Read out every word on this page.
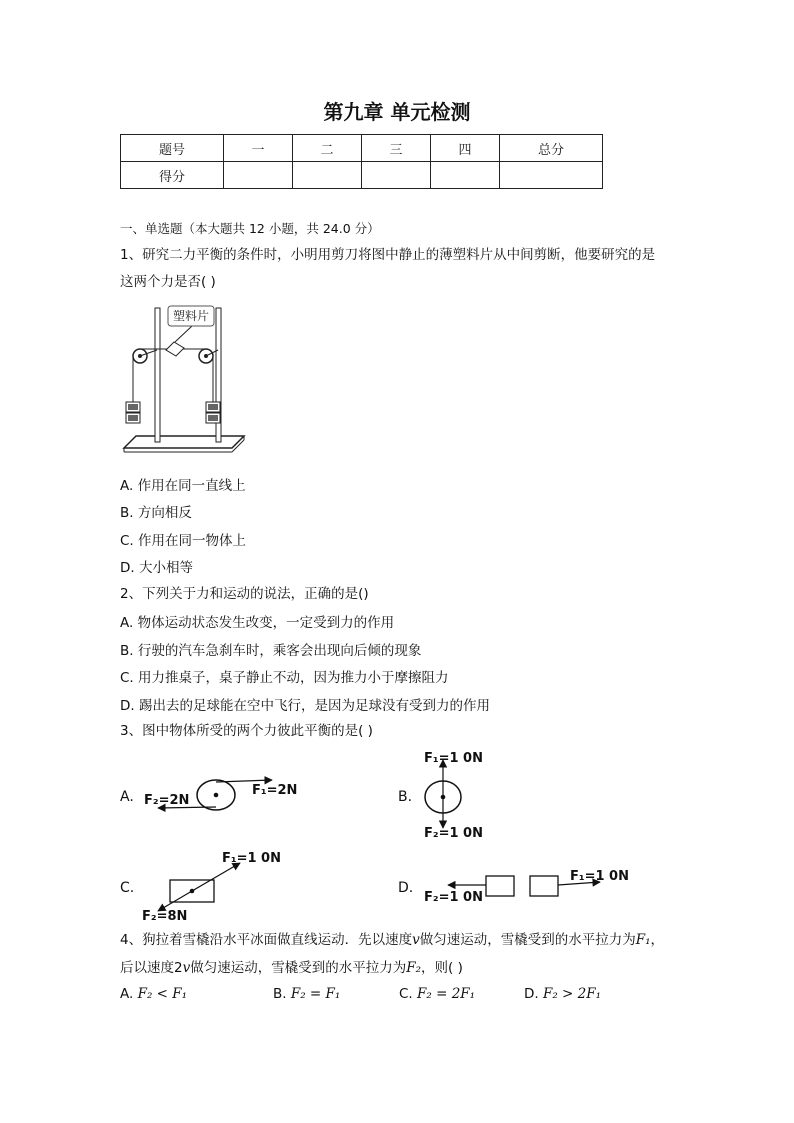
第九章 单元检测
题号	一	二	三	四	总分
得分					
一、单选题（本大题共 12 小题，共 24.0 分）
1、研究二力平衡的条件时，小明用剪刀将图中静止的薄塑料片从中间剪断，他要研究的是
这两个力是否( )
塑料片
A. 作用在同一直线上
B. 方向相反
C. 作用在同一物体上
D. 大小相等
2、下列关于力和运动的说法，正确的是()
A. 物体运动状态发生改变，一定受到力的作用
B. 行驶的汽车急刹车时，乘客会出现向后倾的现象
C. 用力推桌子，桌子静止不动，因为推力小于摩擦阻力
D. 踢出去的足球能在空中飞行，是因为足球没有受到力的作用
3、图中物体所受的两个力彼此平衡的是( )
A.	F₁=2N
F₂=2N	B.
F₁=1 0N
F₂=1 0N
C.
F₁=1 0N
F₂=8N
D.
F₁=1 0N
F₂=1 0N
4、狗拉着雪橇沿水平冰面做直线运动．先以速度v做匀速运动，雪橇受到的水平拉力为F₁，
后以速度2v做匀速运动，雪橇受到的水平拉力为F₂，则( )
A. F₂ < F₁	B. F₂ = F₁	C. F₂ = 2F₁	D. F₂ > 2F₁
